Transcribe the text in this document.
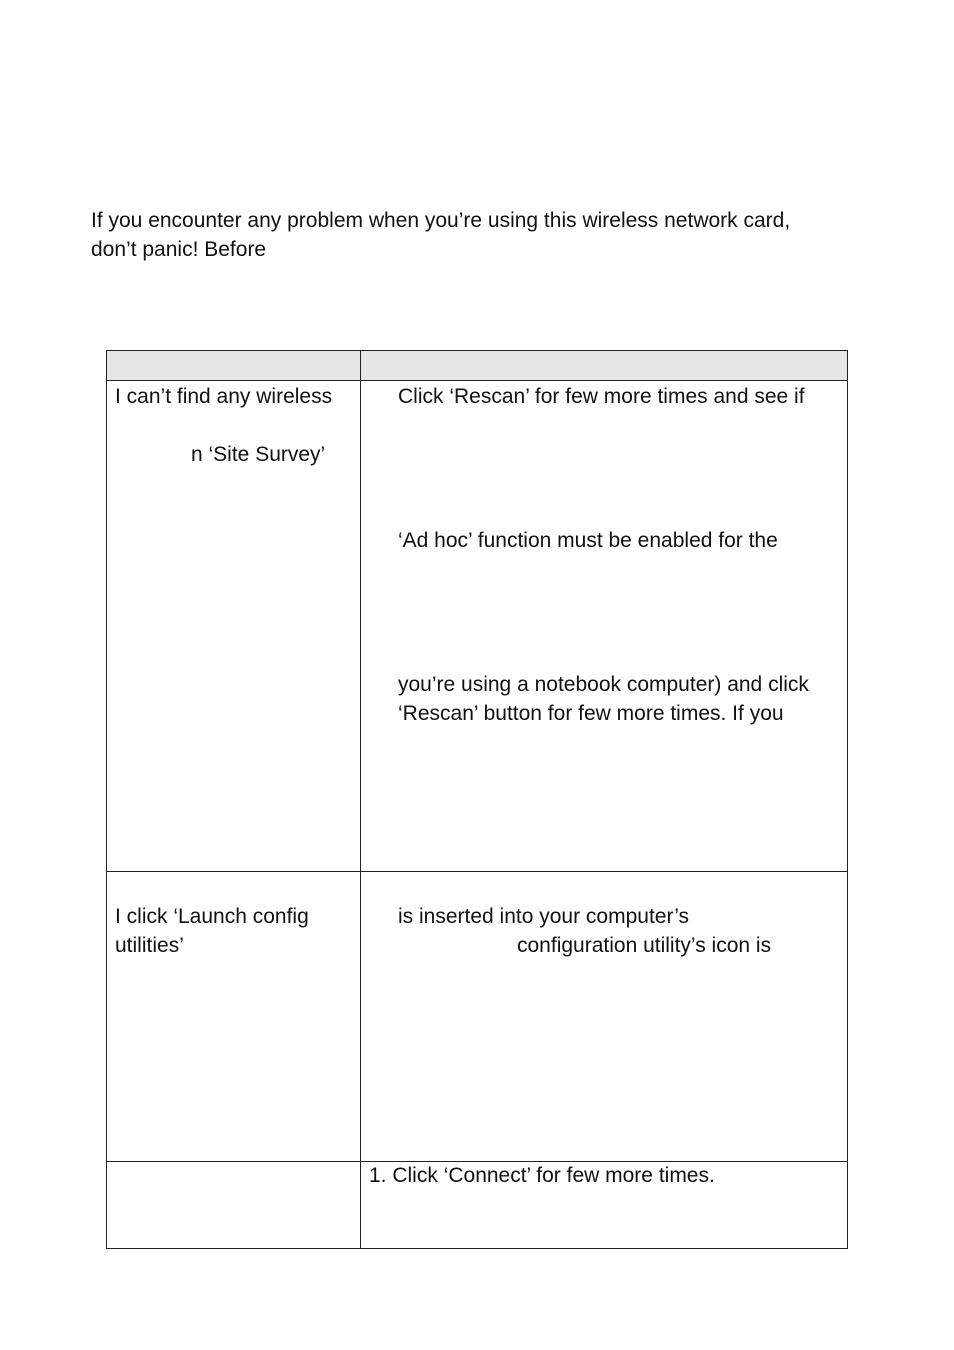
If you encounter any problem when you’re using this wireless network card,
don’t panic! Before
I can’t find any wireless
n ‘Site Survey’
Click ‘Rescan’ for few more times and see if
‘Ad hoc’ function must be enabled for the
you’re using a notebook computer) and click
‘Rescan’ button for few more times. If you
I click ‘Launch config
utilities’
is inserted into your computer’s
configuration utility’s icon is
1. Click ‘Connect’ for few more times.
